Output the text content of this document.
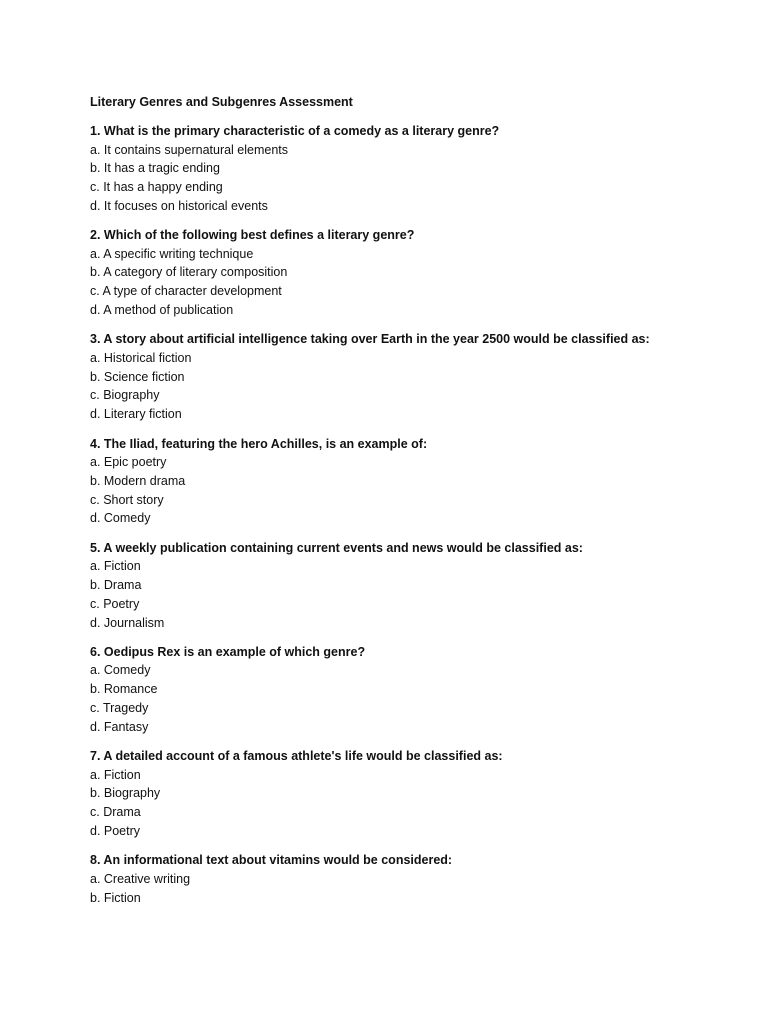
Literary Genres and Subgenres Assessment
1. What is the primary characteristic of a comedy as a literary genre?
a. It contains supernatural elements
b. It has a tragic ending
c. It has a happy ending
d. It focuses on historical events
2. Which of the following best defines a literary genre?
a. A specific writing technique
b. A category of literary composition
c. A type of character development
d. A method of publication
3. A story about artificial intelligence taking over Earth in the year 2500 would be classified as:
a. Historical fiction
b. Science fiction
c. Biography
d. Literary fiction
4. The Iliad, featuring the hero Achilles, is an example of:
a. Epic poetry
b. Modern drama
c. Short story
d. Comedy
5. A weekly publication containing current events and news would be classified as:
a. Fiction
b. Drama
c. Poetry
d. Journalism
6. Oedipus Rex is an example of which genre?
a. Comedy
b. Romance
c. Tragedy
d. Fantasy
7. A detailed account of a famous athlete's life would be classified as:
a. Fiction
b. Biography
c. Drama
d. Poetry
8. An informational text about vitamins would be considered:
a. Creative writing
b. Fiction
